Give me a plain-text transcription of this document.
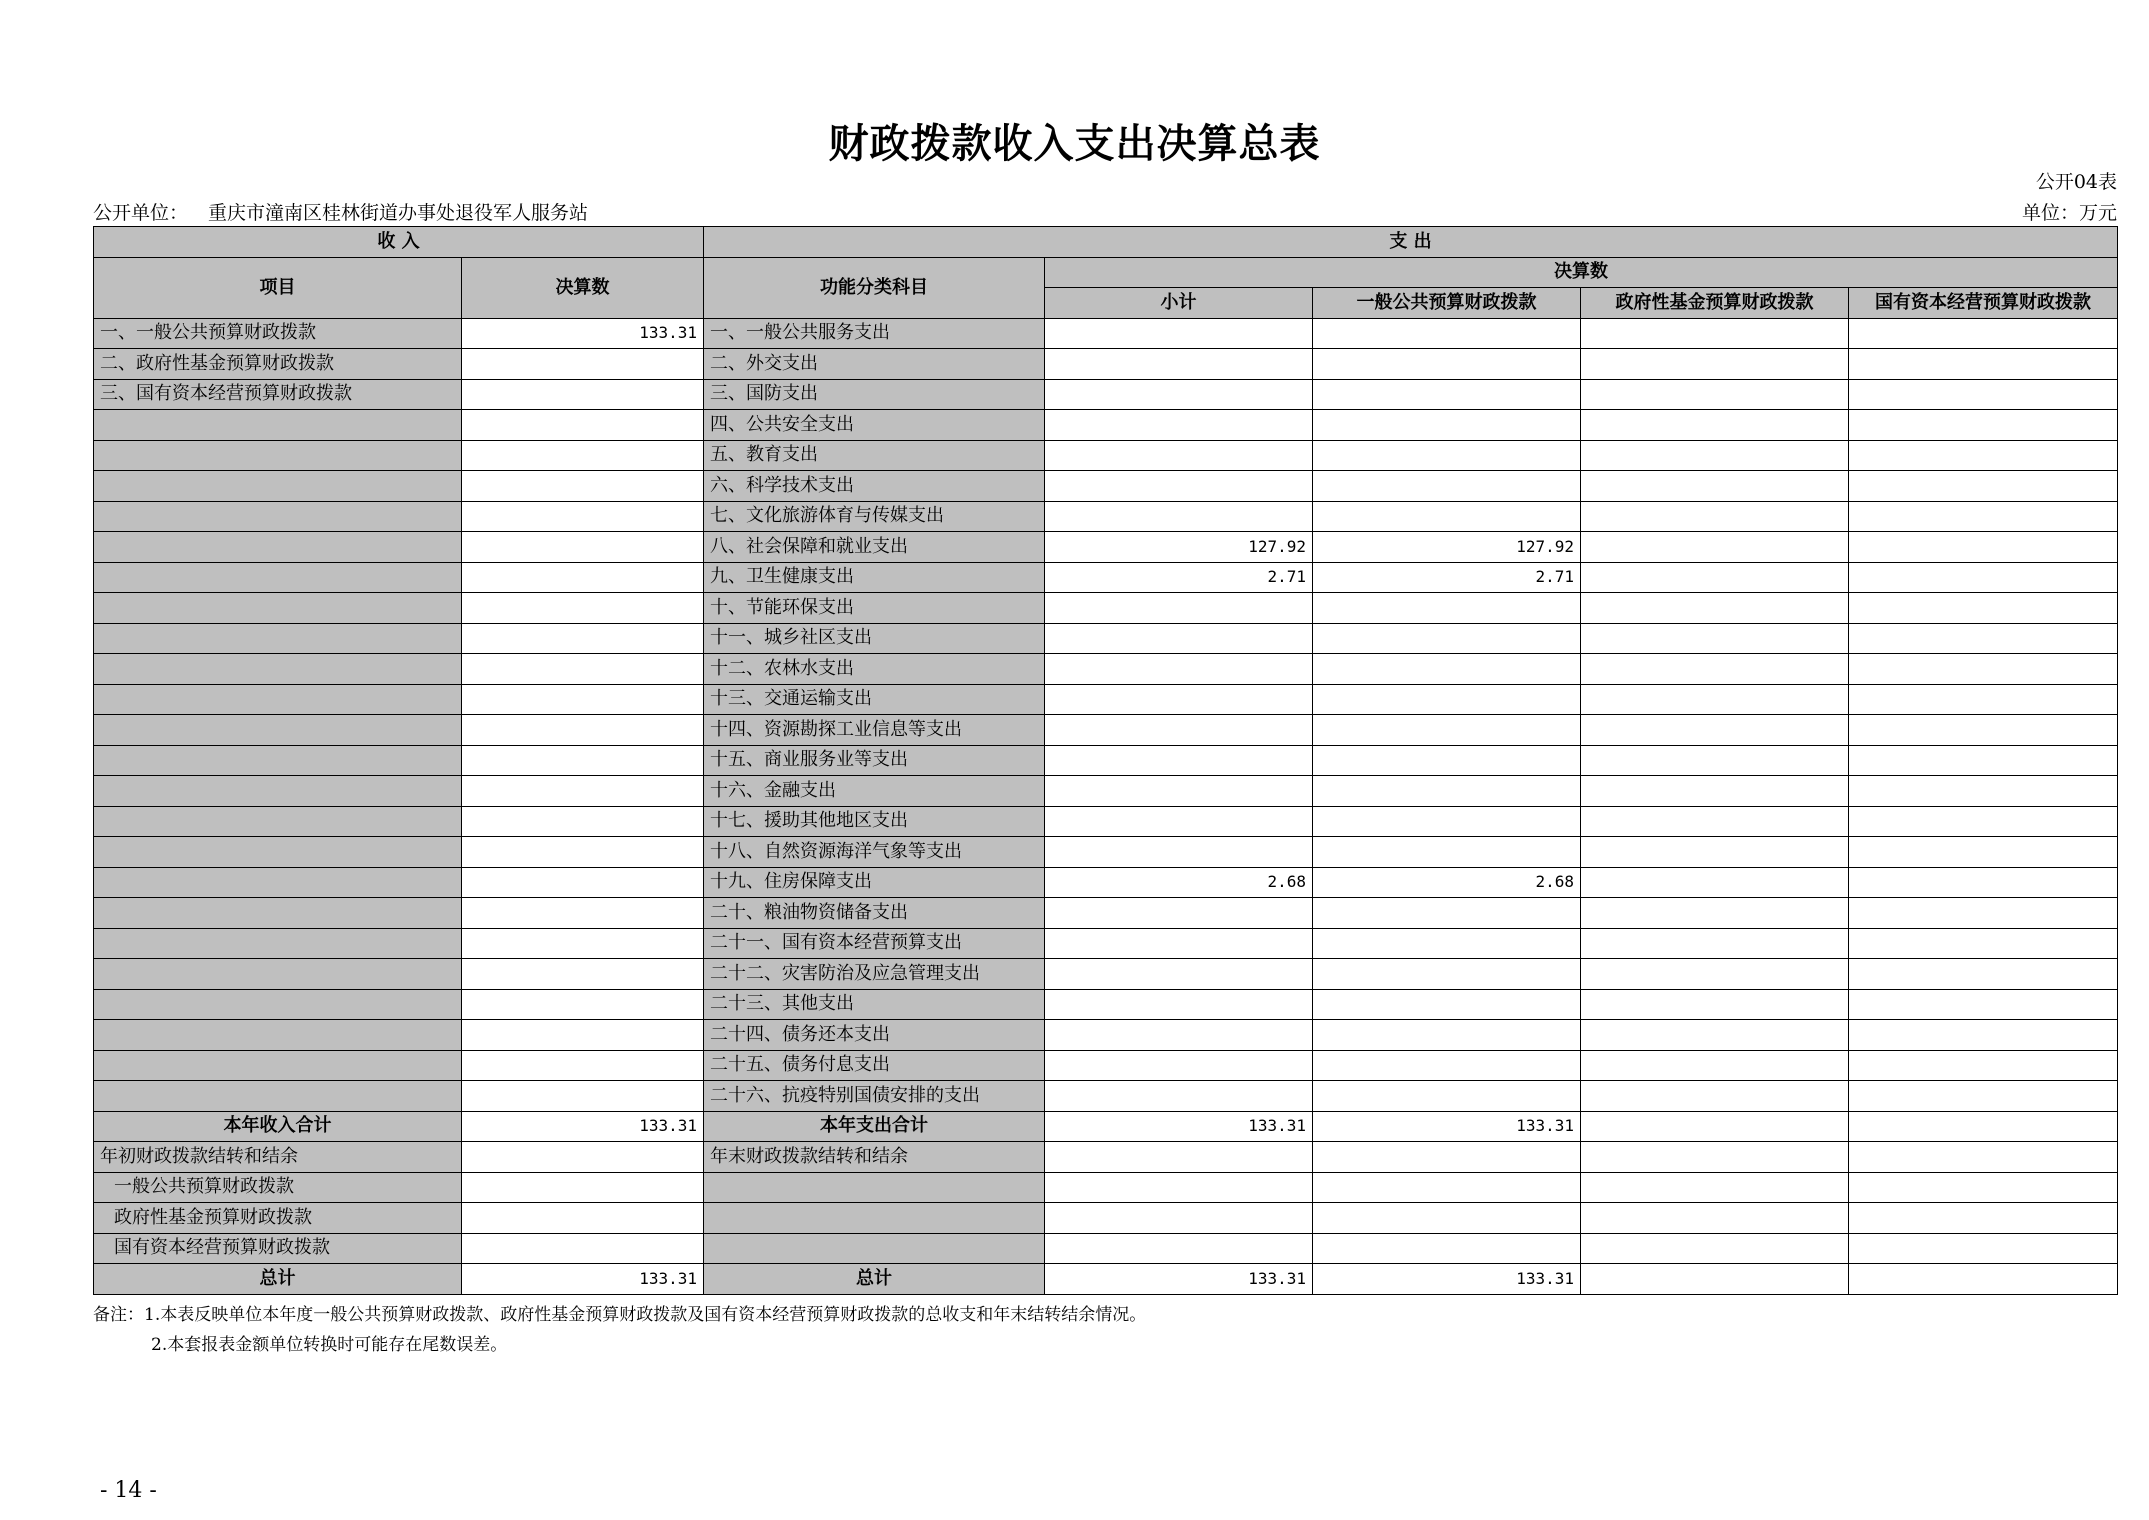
财政拨款收入支出决算总表
公开04表
公开单位： 重庆市潼南区桂林街道办事处退役军人服务站	单位：万元
收 入		支 出				
项目	决算数	功能分类科目	决算数			
			小计	一般公共预算财政拨款	政府性基金预算财政拨款	国有资本经营预算财政拨款
一、一般公共预算财政拨款	133.31	一、一般公共服务支出				
二、政府性基金预算财政拨款		二、外交支出				
三、国有资本经营预算财政拨款		三、国防支出				
		四、公共安全支出				
		五、教育支出				
		六、科学技术支出				
		七、文化旅游体育与传媒支出				
		八、社会保障和就业支出	127.92	127.92		
		九、卫生健康支出	2.71	2.71		
		十、节能环保支出				
		十一、城乡社区支出				
		十二、农林水支出				
		十三、交通运输支出				
		十四、资源勘探工业信息等支出				
		十五、商业服务业等支出				
		十六、金融支出				
		十七、援助其他地区支出				
		十八、自然资源海洋气象等支出				
		十九、住房保障支出	2.68	2.68		
		二十、粮油物资储备支出				
		二十一、国有资本经营预算支出				
		二十二、灾害防治及应急管理支出				
		二十三、其他支出				
		二十四、债务还本支出				
		二十五、债务付息支出				
		二十六、抗疫特别国债安排的支出				
本年收入合计	133.31	本年支出合计	133.31	133.31		
年初财政拨款结转和结余		年末财政拨款结转和结余				
一般公共预算财政拨款						
政府性基金预算财政拨款						
国有资本经营预算财政拨款						
总计	133.31	总计	133.31	133.31		
备注：1.本表反映单位本年度一般公共预算财政拨款、政府性基金预算财政拨款及国有资本经营预算财政拨款的总收支和年末结转结余情况。
2.本套报表金额单位转换时可能存在尾数误差。
- 14 -
